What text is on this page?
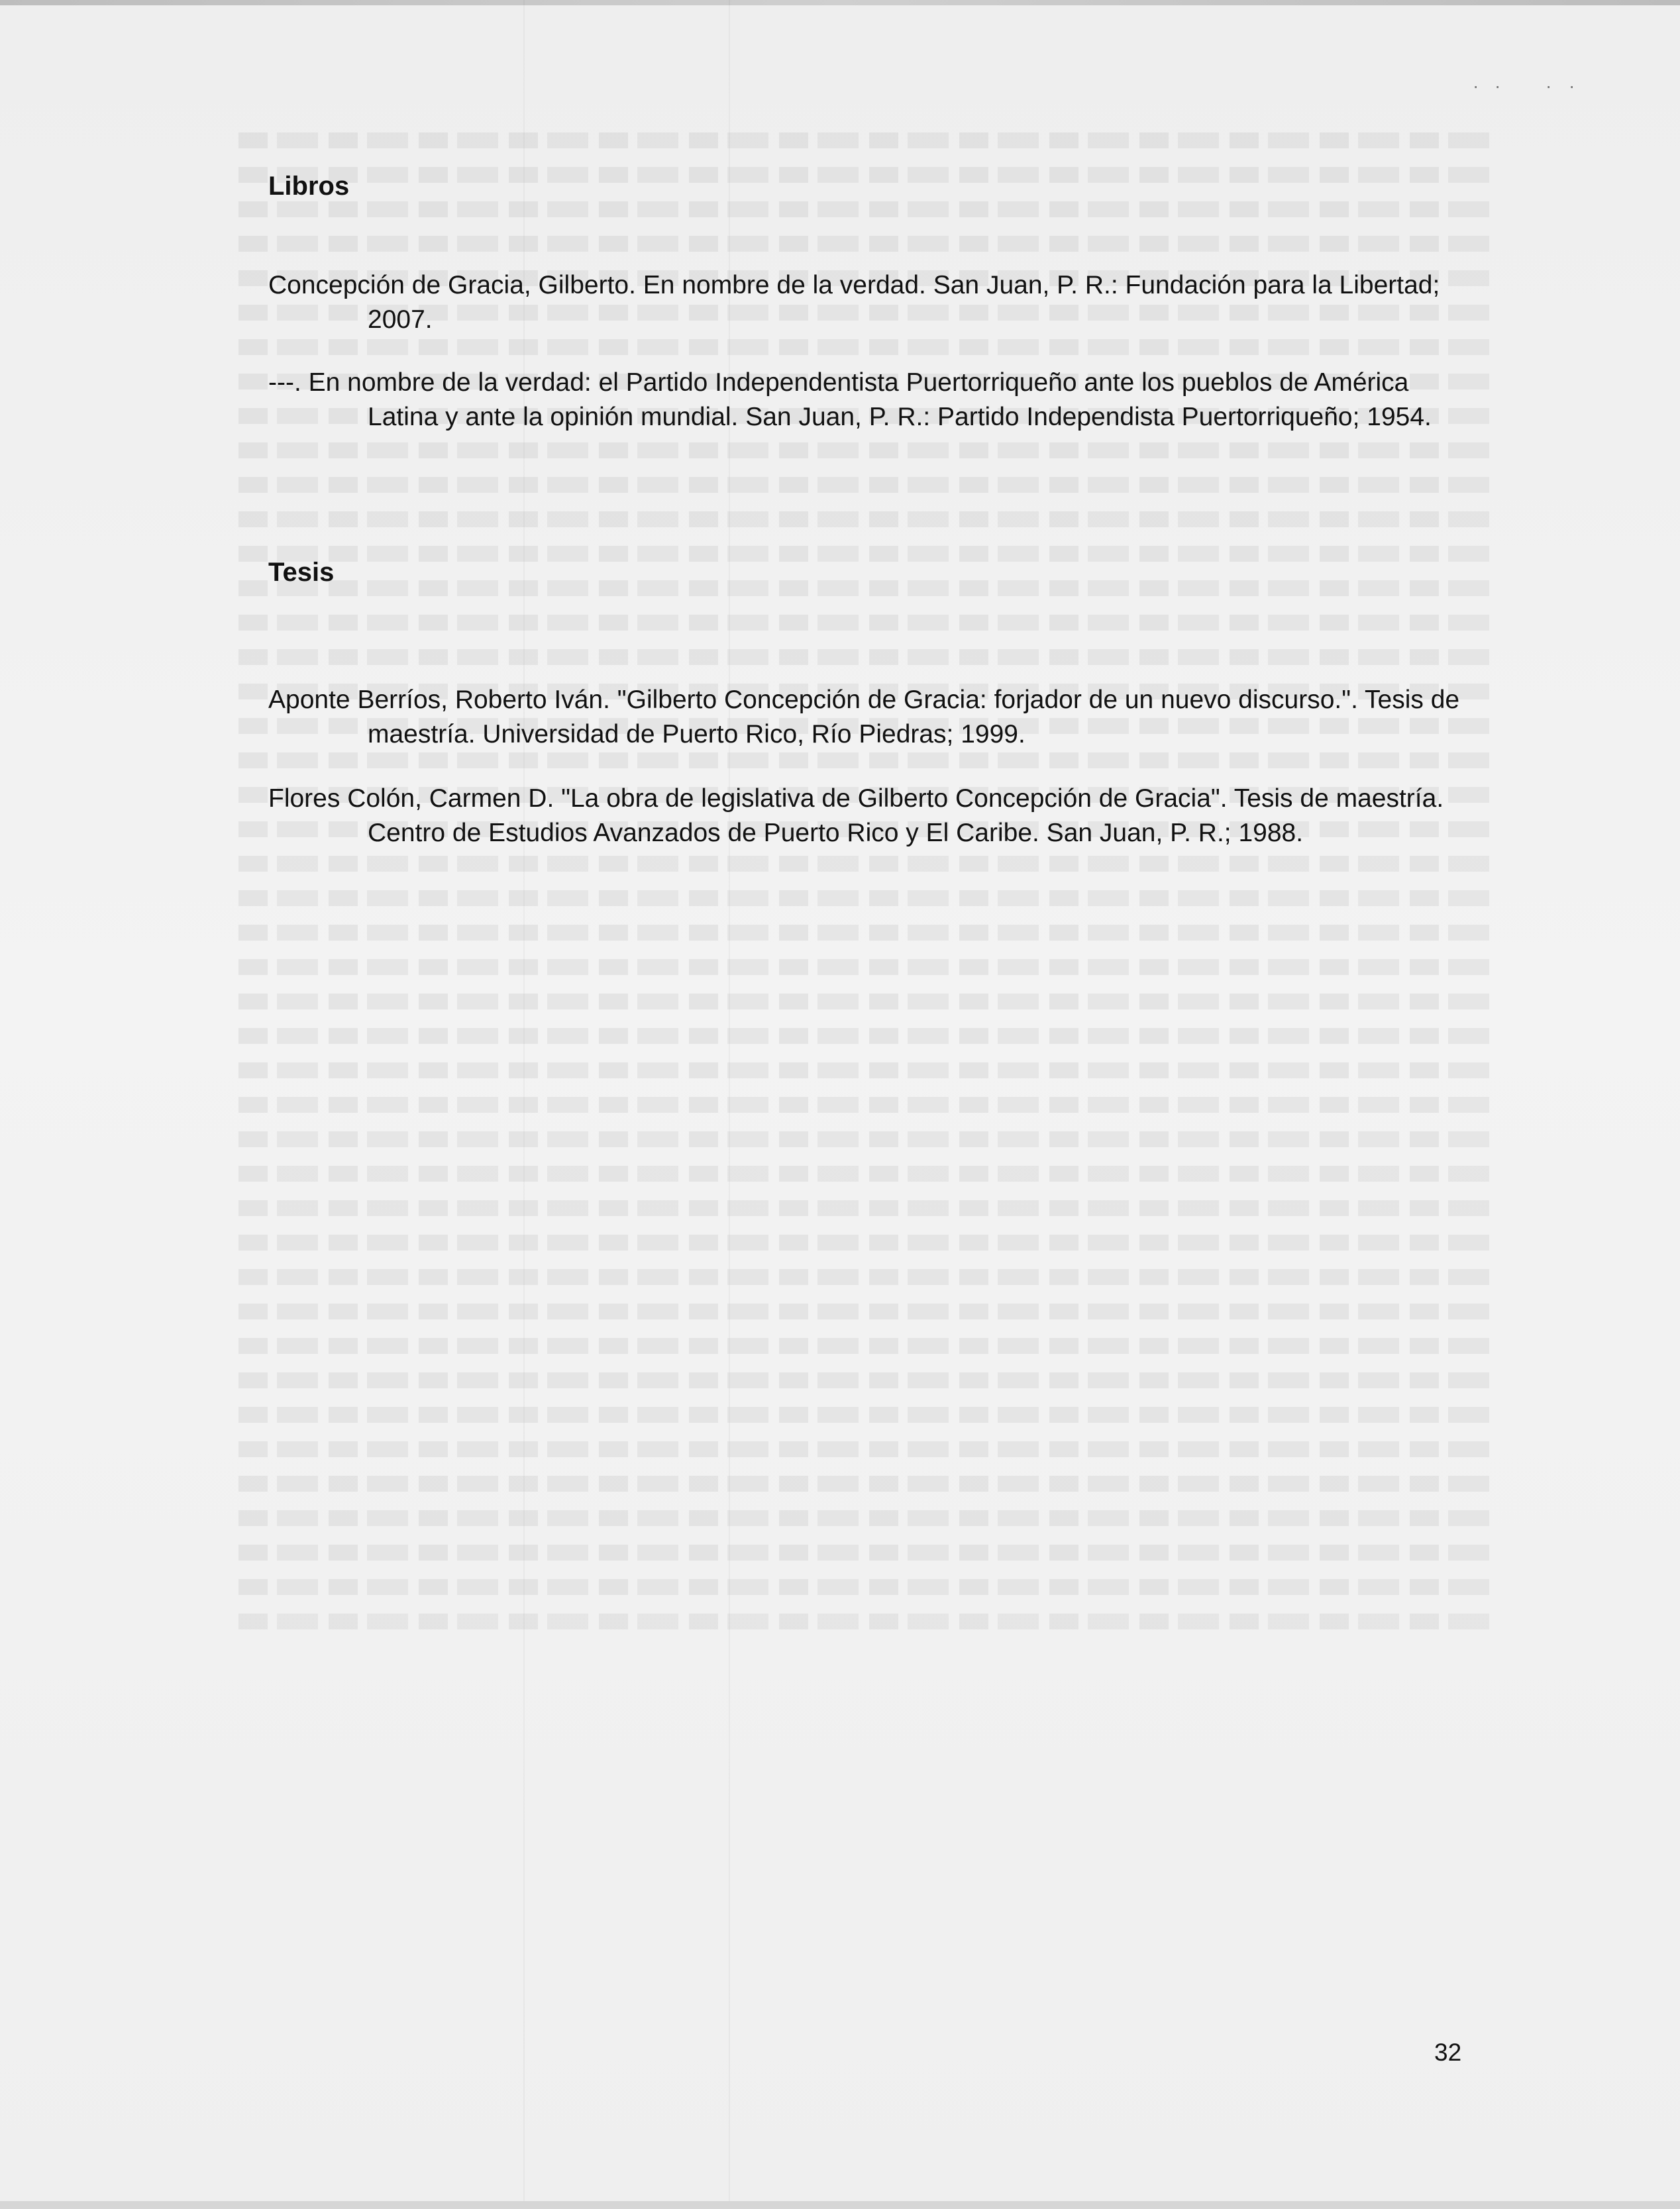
· · · ·
Libros

Concepción de Gracia, Gilberto. En nombre de la verdad. San Juan, P. R.: Fundación para la Libertad; 2007.

---. En nombre de la verdad: el Partido Independentista Puertorriqueño ante los pueblos de América Latina y ante la opinión mundial. San Juan, P. R.: Partido Independista Puertorriqueño; 1954.

Tesis

Aponte Berríos, Roberto Iván. "Gilberto Concepción de Gracia: forjador de un nuevo discurso.". Tesis de maestría. Universidad de Puerto Rico, Río Piedras; 1999.

Flores Colón, Carmen D. "La obra de legislativa de Gilberto Concepción de Gracia". Tesis de maestría. Centro de Estudios Avanzados de Puerto Rico y El Caribe. San Juan, P. R.; 1988.

32
